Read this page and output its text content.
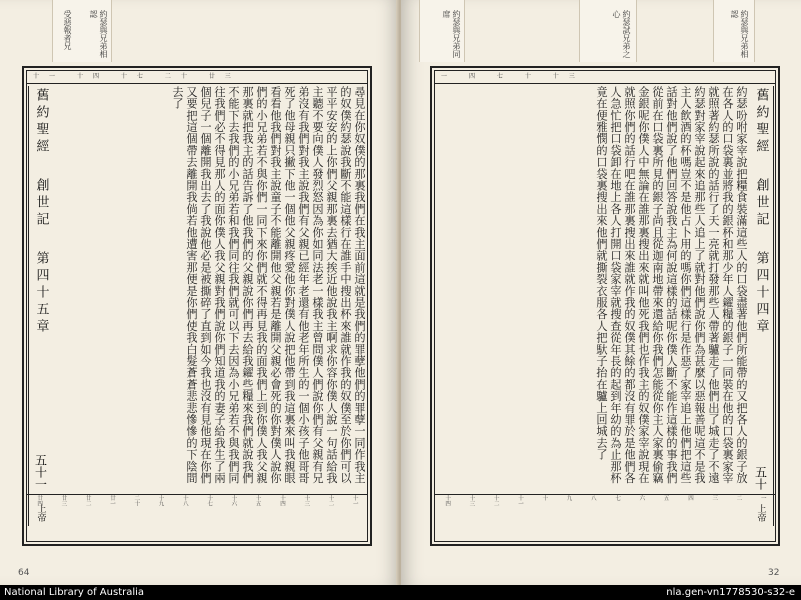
約瑟與兄弟相認
受惡報者兄
十一 十四 十七 二十 廿三
舊約聖經
創世記
第四十五章
五十一
上帝
尋見在你奴僕的那裏我們在我主面前這就是我們的罪孽他們的罪孽一同作我主的奴僕約瑟說我斷不能這樣行在誰手中搜出杯來誰就作我的奴僕至於你們可以平平安安的上你們父親那裏去猶大挨近他說我主啊求你容你僕人說一句話給我主聽不要向僕人發烈怒因為你如同法老一樣我主曾問僕人們說你們有父親有兄弟沒有我們對我主說我們有父親已經年老還有他老年所生的一個小孩子他哥哥死了他母親只撇下他一個他父親疼愛他你對僕人說把他帶到我這裏來叫我親眼看看他我們對我主說童子不能離開他父親若是離開父親必會死的你對僕人說你們的小兄弟若不與你們一同下來你們就不得再見我的面我們上到你僕人我父親那裏就把我主的話告訴了他我們的父親說你們再去給我糴些糧來我們就說我們不能下去我們的小兄弟若和我們同往我們就可以下去因為小兄弟若不與我們同往我們必不得見那人的面你僕人我父親對我們說你們知道我的妻子給我生了兩個兒子一個離開我出去了我說他必是被撕碎了直到如今我也沒有見他現在你們又要把這個帶去離開我倘若他遭害那便是你們使我白髮蒼蒼悲悲慘慘的下陰間去了
十一
十二
十三
十四
十五
十六
十七
十八
十九
二十
廿一
廿二
廿三
廿四
64
約瑟試兄弟之心
約瑟與兄弟同席	約瑟與兄弟相認
一 四 七 十 十三
舊約聖經
創世記
第四十四章
五十
上帝
約瑟吩咐家宰說把糧食裝滿這些人的口袋盡著他們所能帶的又把各人的銀子放在各人的口袋裏並將我的銀杯和那少年人糴糧的銀子一同裝在他的口袋裏家宰就照著約瑟所說的話行了天一亮就打發那些人帶著驢走了他們出了城走了不遠約瑟對家宰說起來追那些人追上了就對他們說你們為甚麼以惡報善呢這不是我主人飲酒的杯嗎豈不是他占卜用的嗎你們這樣行是作惡了家宰追上他們把這些話對他們說了他們回答說我主為何說這樣的話呢你僕人斷不能作這樣的事我們從前在口袋裏所見的銀子尚且從迦南地帶來還給你我們怎能從你主人家裏偷竊金銀呢你僕人中無論在誰那裏搜出來就叫他死我們也作我主的奴僕家宰說現在就照你們的話行吧在誰那裏搜出來誰就作我的奴僕其餘的都沒有罪於是他們各人急忙把口袋卸在地上各人打開口袋家宰就搜查從年長的起到年幼的為止那杯竟在便雅憫的口袋裏搜出來他們就撕裂衣服各人把馱子抬在驢上回城去了
一
二
三
四
五
六
七
八
九
十
十一
十二
十三
十四
32
National Library of Australia	nla.gen-vn1778530-s32-e
